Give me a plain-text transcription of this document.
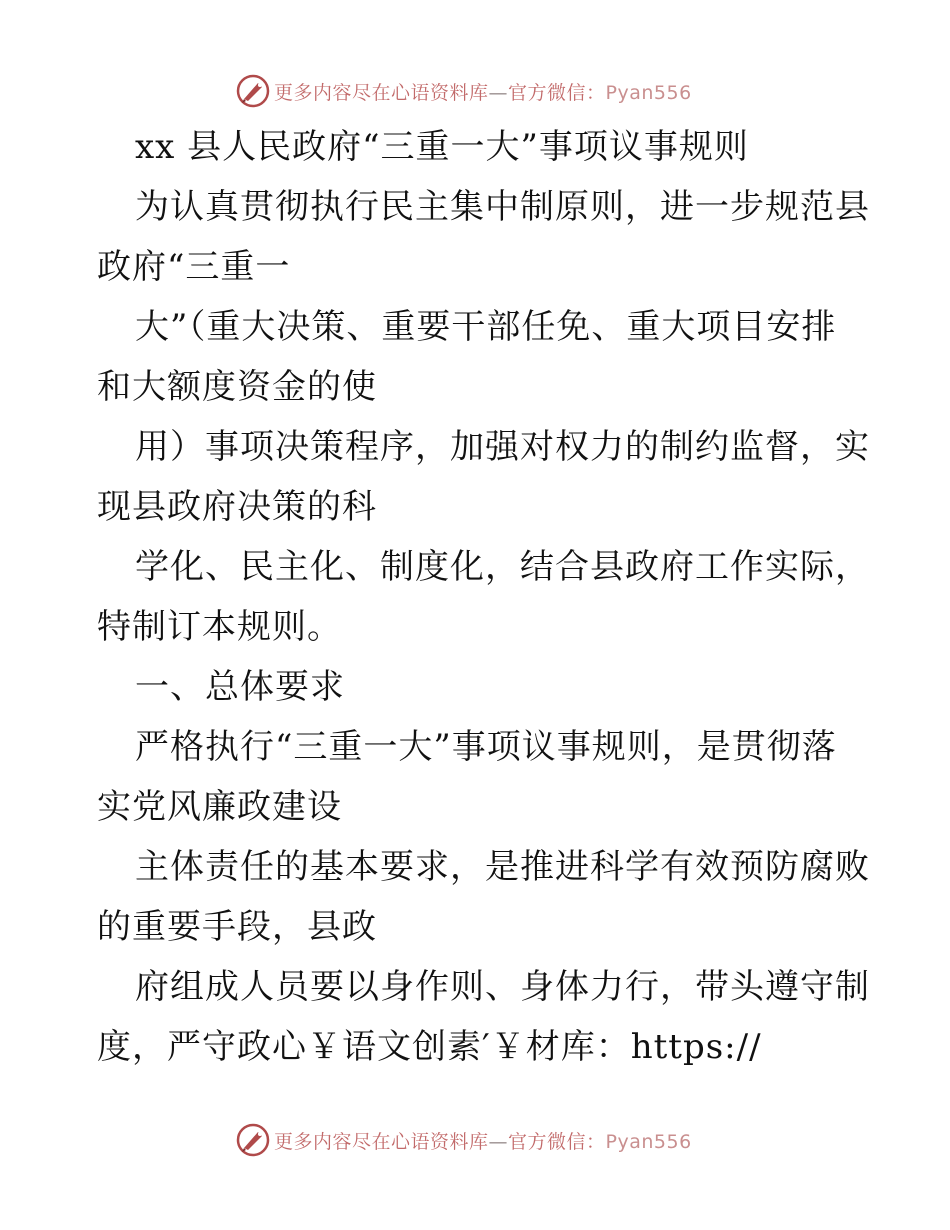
更多内容尽在心语资料库—官方微信：Pyan556
xx 县人民政府“三重一大”事项议事规则
为认真贯彻执行民主集中制原则，进一步规范县
政府“三重一
大”（重大决策、重要干部任免、重大项目安排
和大额度资金的使
用）事项决策程序，加强对权力的制约监督，实
现县政府决策的科
学化、民主化、制度化，结合县政府工作实际，
特制订本规则。
一、总体要求
严格执行“三重一大”事项议事规则，是贯彻落
实党风廉政建设
主体责任的基本要求，是推进科学有效预防腐败
的重要手段，县政
府组成人员要以身作则、身体力行，带头遵守制
度，严守政心￥语文创素′￥材库：https://
更多内容尽在心语资料库—官方微信：Pyan556
